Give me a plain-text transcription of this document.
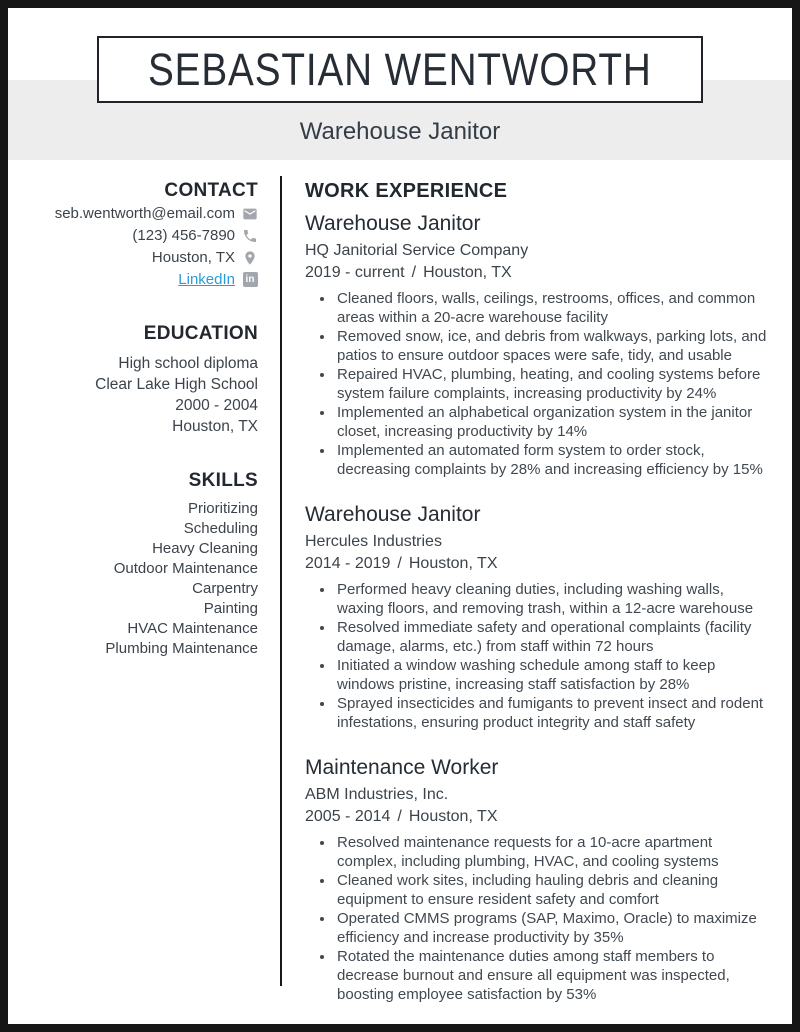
SEBASTIAN WENTWORTH
Warehouse Janitor
CONTACT
seb.wentworth@email.com
(123) 456-7890
Houston, TX
LinkedIn	in
EDUCATION
High school diploma
Clear Lake High School
2000 - 2004
Houston, TX
SKILLS
Prioritizing
Scheduling
Heavy Cleaning
Outdoor Maintenance
Carpentry
Painting
HVAC Maintenance
Plumbing Maintenance
WORK EXPERIENCE
Warehouse Janitor
HQ Janitorial Service Company
2019 - current / Houston, TX
• Cleaned floors, walls, ceilings, restrooms, offices, and common areas within a 20-acre warehouse facility
• Removed snow, ice, and debris from walkways, parking lots, and patios to ensure outdoor spaces were safe, tidy, and usable
• Repaired HVAC, plumbing, heating, and cooling systems before system failure complaints, increasing productivity by 24%
• Implemented an alphabetical organization system in the janitor closet, increasing productivity by 14%
• Implemented an automated form system to order stock, decreasing complaints by 28% and increasing efficiency by 15%
Warehouse Janitor
Hercules Industries
2014 - 2019 / Houston, TX
• Performed heavy cleaning duties, including washing walls, waxing floors, and removing trash, within a 12-acre warehouse
• Resolved immediate safety and operational complaints (facility damage, alarms, etc.) from staff within 72 hours
• Initiated a window washing schedule among staff to keep windows pristine, increasing staff satisfaction by 28%
• Sprayed insecticides and fumigants to prevent insect and rodent infestations, ensuring product integrity and staff safety
Maintenance Worker
ABM Industries, Inc.
2005 - 2014 / Houston, TX
• Resolved maintenance requests for a 10-acre apartment complex, including plumbing, HVAC, and cooling systems
• Cleaned work sites, including hauling debris and cleaning equipment to ensure resident safety and comfort
• Operated CMMS programs (SAP, Maximo, Oracle) to maximize efficiency and increase productivity by 35%
• Rotated the maintenance duties among staff members to decrease burnout and ensure all equipment was inspected, boosting employee satisfaction by 53%
